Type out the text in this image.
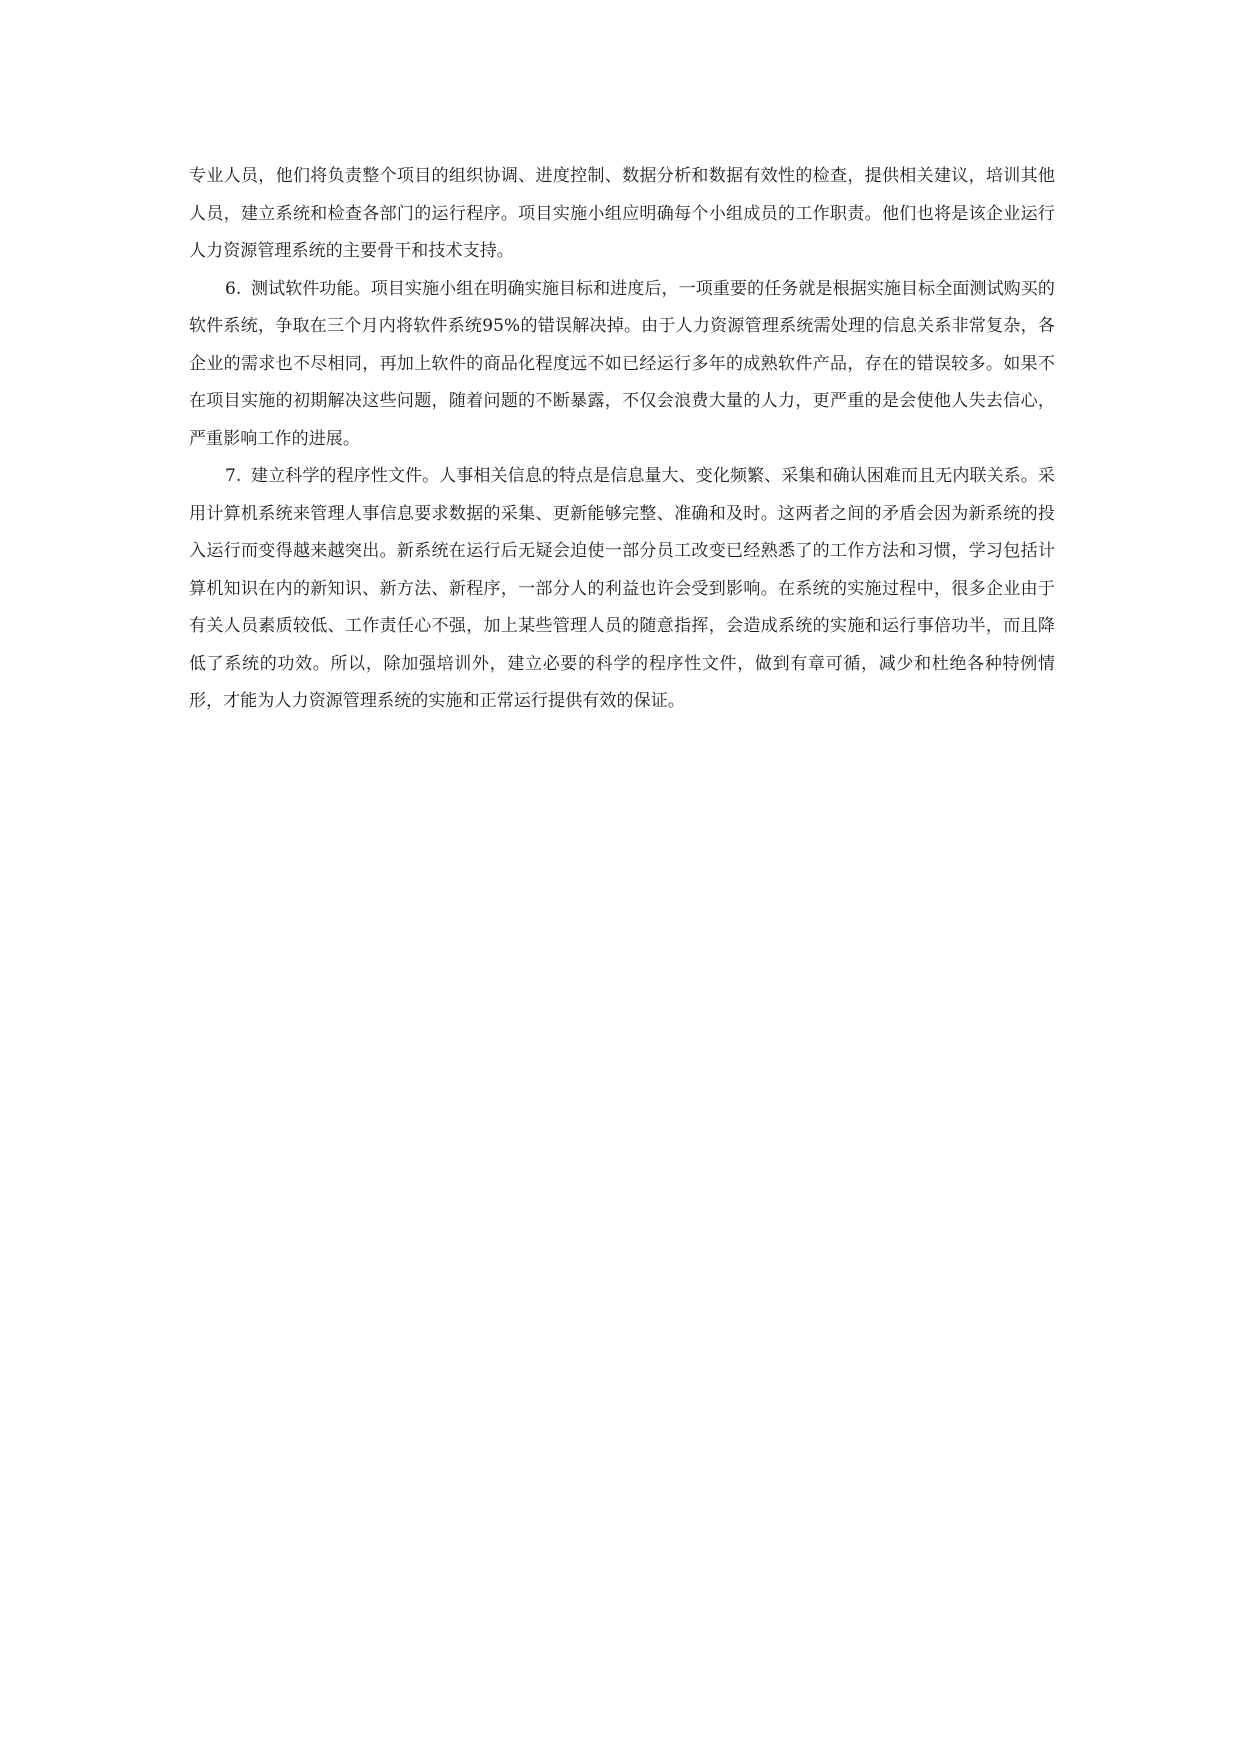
专业人员，他们将负责整个项目的组织协调、进度控制、数据分析和数据有效性的检查，提供相关建议，培训其他人员，建立系统和检查各部门的运行程序。项目实施小组应明确每个小组成员的工作职责。他们也将是该企业运行人力资源管理系统的主要骨干和技术支持。

6. 测试软件功能。项目实施小组在明确实施目标和进度后，一项重要的任务就是根据实施目标全面测试购买的软件系统，争取在三个月内将软件系统95%的错误解决掉。由于人力资源管理系统需处理的信息关系非常复杂，各企业的需求也不尽相同，再加上软件的商品化程度远不如已经运行多年的成熟软件产品，存在的错误较多。如果不在项目实施的初期解决这些问题，随着问题的不断暴露，不仅会浪费大量的人力，更严重的是会使他人失去信心，严重影响工作的进展。

7. 建立科学的程序性文件。人事相关信息的特点是信息量大、变化频繁、采集和确认困难而且无内联关系。采用计算机系统来管理人事信息要求数据的采集、更新能够完整、准确和及时。这两者之间的矛盾会因为新系统的投入运行而变得越来越突出。新系统在运行后无疑会迫使一部分员工改变已经熟悉了的工作方法和习惯，学习包括计算机知识在内的新知识、新方法、新程序，一部分人的利益也许会受到影响。在系统的实施过程中，很多企业由于有关人员素质较低、工作责任心不强，加上某些管理人员的随意指挥，会造成系统的实施和运行事倍功半，而且降低了系统的功效。所以，除加强培训外，建立必要的科学的程序性文件，做到有章可循，减少和杜绝各种特例情形，才能为人力资源管理系统的实施和正常运行提供有效的保证。
